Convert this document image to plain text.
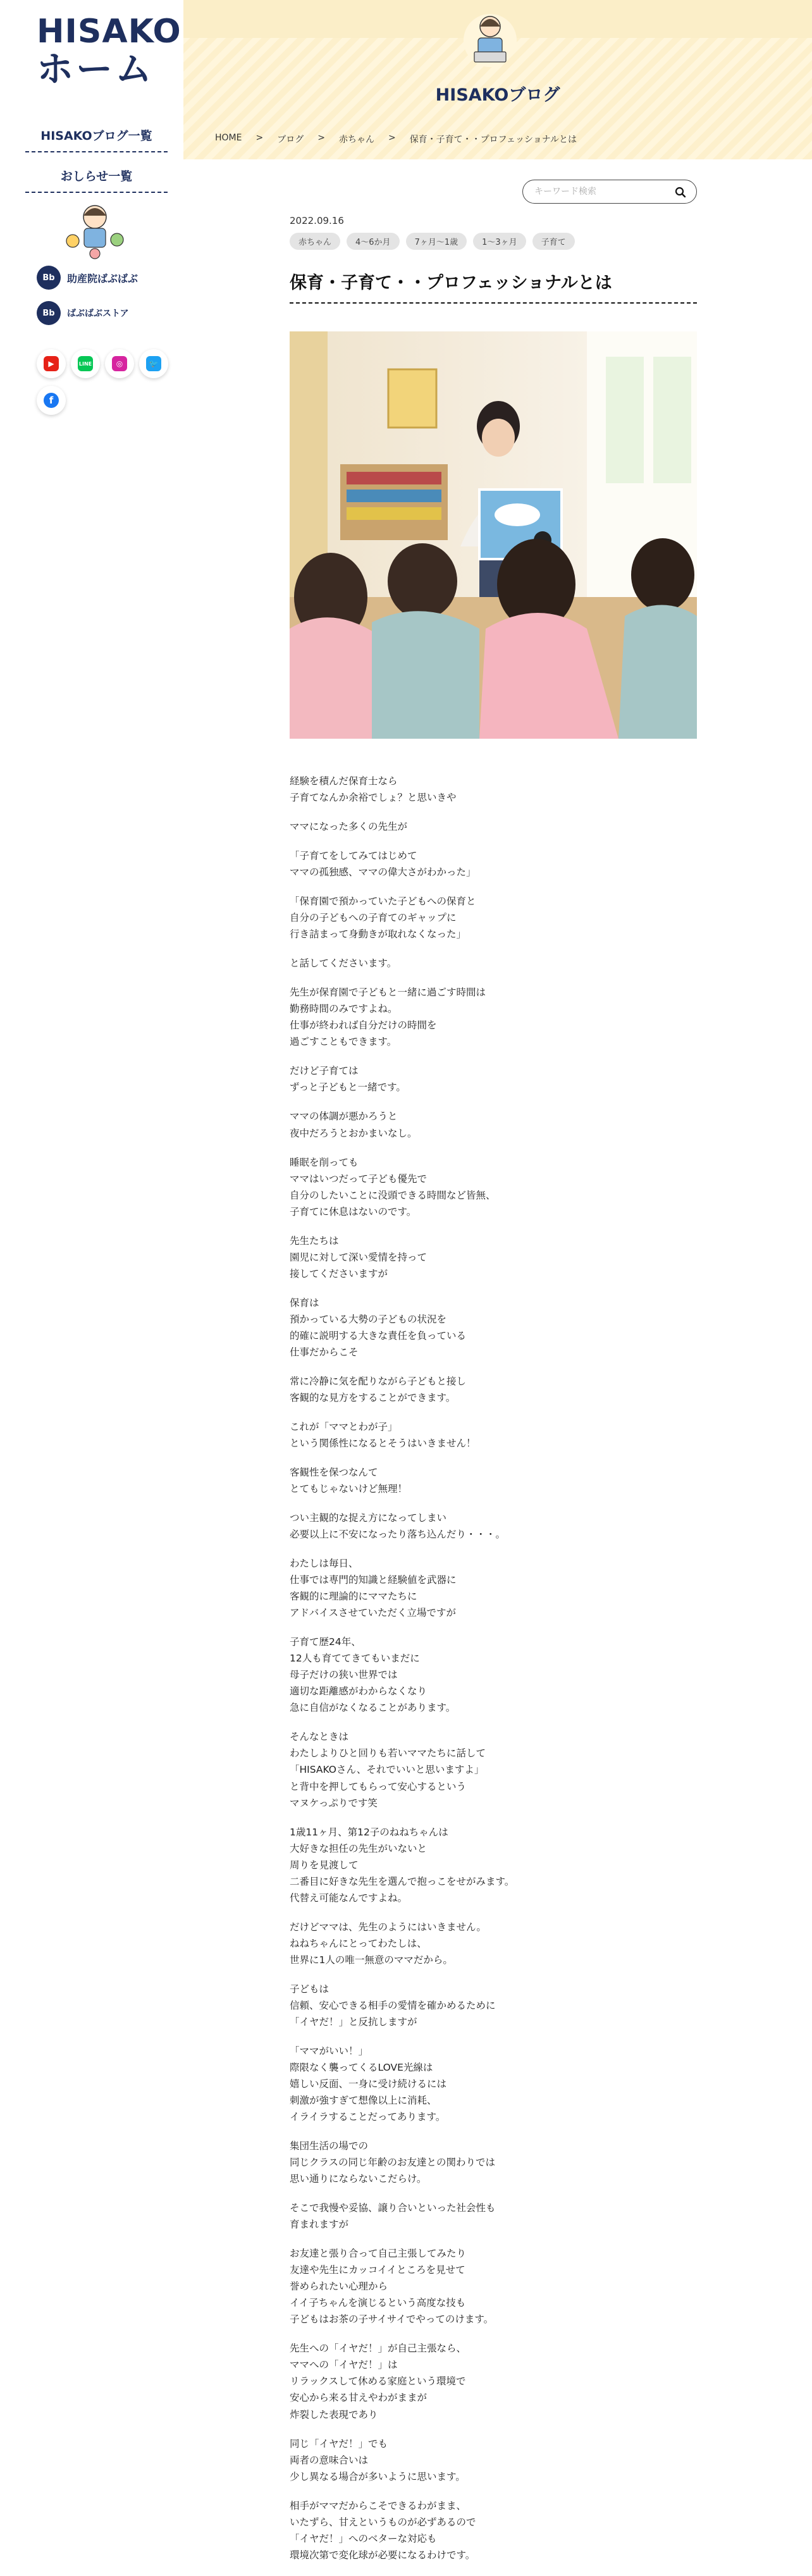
HISAKO
ホーム
HISAKOブログ一覧
おしらせ一覧
Bb	助産院ばぶばぶ
Bb	ばぶばぶストア
▶	LINE	◎	🐦
f
HISAKOブログ
HOME > ブログ > 赤ちゃん > 保育・子育て・・プロフェッショナルとは
キーワード検索
2022.09.16
赤ちゃん	4〜6か月	7ヶ月〜1歳	1〜3ヶ月	子育て
保育・子育て・・プロフェッショナルとは

経験を積んだ保育士なら
子育てなんか余裕でしょ？と思いきや

ママになった多くの先生が

「子育てをしてみてはじめて
ママの孤独感、ママの偉大さがわかった」

「保育園で預かっていた子どもへの保育と
自分の子どもへの子育てのギャップに
行き詰まって身動きが取れなくなった」

と話してくださいます。

先生が保育園で子どもと一緒に過ごす時間は
勤務時間のみですよね。
仕事が終われば自分だけの時間を
過ごすこともできます。

だけど子育ては
ずっと子どもと一緒です。

ママの体調が悪かろうと
夜中だろうとおかまいなし。

睡眠を削っても
ママはいつだって子ども優先で
自分のしたいことに没頭できる時間など皆無、
子育てに休息はないのです。

先生たちは
園児に対して深い愛情を持って
接してくださいますが

保育は
預かっている大勢の子どもの状況を
的確に説明する大きな責任を負っている
仕事だからこそ

常に冷静に気を配りながら子どもと接し
客観的な見方をすることができます。

これが「ママとわが子」
という関係性になるとそうはいきません！

客観性を保つなんて
とてもじゃないけど無理！

つい主観的な捉え方になってしまい
必要以上に不安になったり落ち込んだり・・・。

わたしは毎日、
仕事では専門的知識と経験値を武器に
客観的に理論的にママたちに
アドバイスさせていただく立場ですが

子育て歴24年、
12人も育ててきてもいまだに
母子だけの狭い世界では
適切な距離感がわからなくなり
急に自信がなくなることがあります。

そんなときは
わたしよりひと回りも若いママたちに話して
「HISAKOさん、それでいいと思いますよ」
と背中を押してもらって安心するという
マヌケっぷりです笑

1歳11ヶ月、第12子のねねちゃんは
大好きな担任の先生がいないと
周りを見渡して
二番目に好きな先生を選んで抱っこをせがみます。
代替え可能なんですよね。

だけどママは、先生のようにはいきません。
ねねちゃんにとってわたしは、
世界に1人の唯一無意のママだから。

子どもは
信頼、安心できる相手の愛情を確かめるために
「イヤだ！」と反抗しますが

「ママがいい！」
際限なく襲ってくるLOVE光線は
嬉しい反面、一身に受け続けるには
刺激が強すぎて想像以上に消耗、
イライラすることだってあります。

集団生活の場での
同じクラスの同じ年齢のお友達との関わりでは
思い通りにならないこだらけ。

そこで我慢や妥協、譲り合いといった社会性も
育まれますが

お友達と張り合って自己主張してみたり
友達や先生にカッコイイところを見せて
誉められたい心理から
イイ子ちゃんを演じるという高度な技も
子どもはお茶の子サイサイでやってのけます。

先生への「イヤだ！」が自己主張なら、
ママへの「イヤだ！」は
リラックスして休める家庭という環境で
安心から来る甘えやわがままが
炸裂した表現であり

同じ「イヤだ！」でも
両者の意味合いは
少し異なる場合が多いように思います。

相手がママだからこそできるわがまま、
いたずら、甘えというものが必ずあるので
「イヤだ！」へのベターな対応も
環境次第で変化球が必要になるわけです。
